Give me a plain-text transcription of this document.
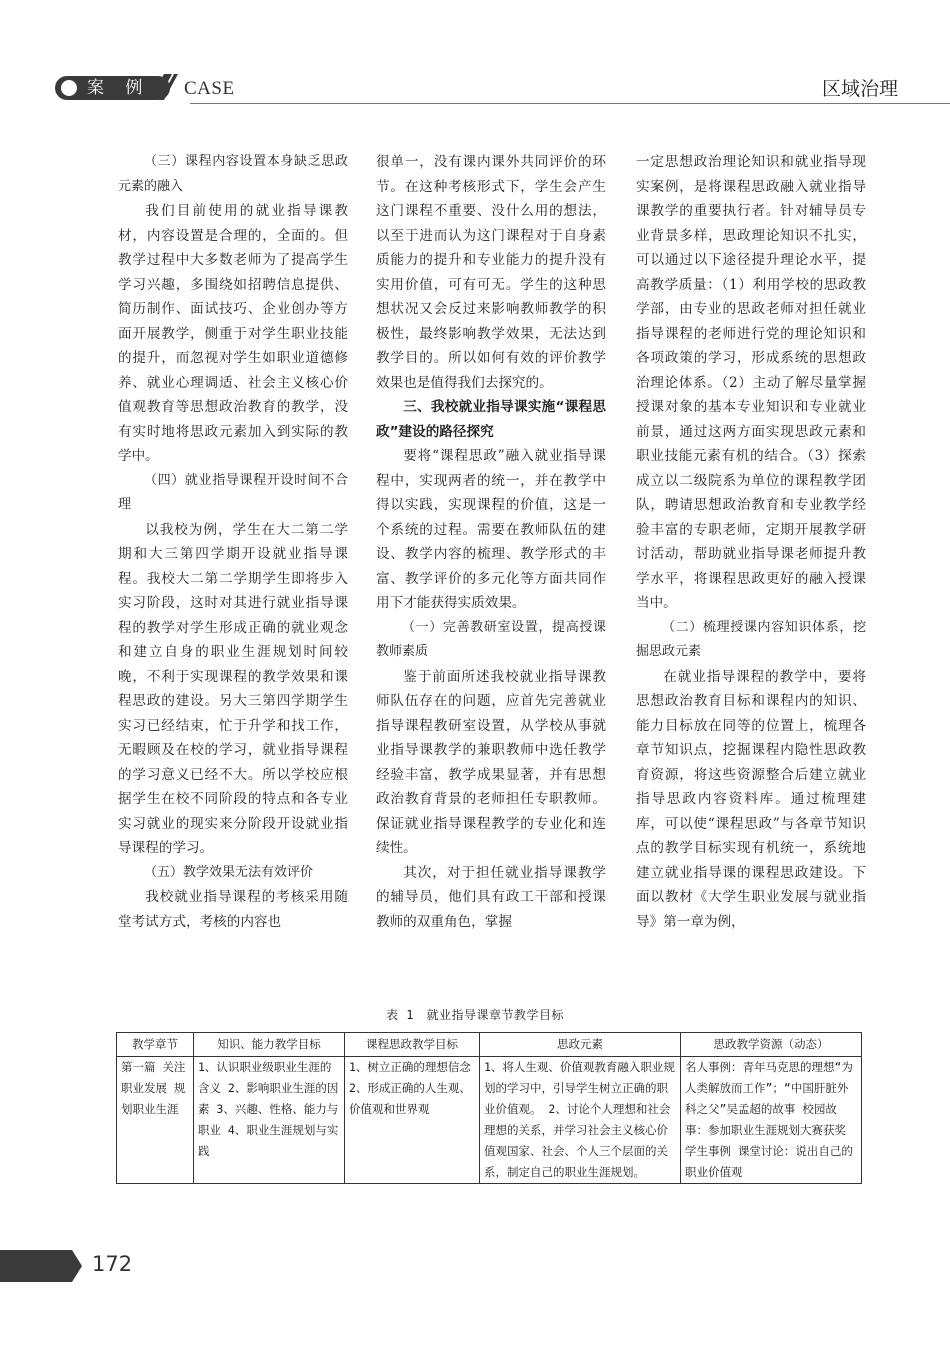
案 例 CASE	区域治理

（三）课程内容设置本身缺乏思政元素的融入

我们目前使用的就业指导课教材，内容设置是合理的，全面的。但教学过程中大多数老师为了提高学生学习兴趣，多围绕如招聘信息提供、简历制作、面试技巧、企业创办等方面开展教学，侧重于对学生职业技能的提升，而忽视对学生如职业道德修养、就业心理调适、社会主义核心价值观教育等思想政治教育的教学，没有实时地将思政元素加入到实际的教学中。

（四）就业指导课程开设时间不合理

以我校为例，学生在大二第二学期和大三第四学期开设就业指导课程。我校大二第二学期学生即将步入实习阶段，这时对其进行就业指导课程的教学对学生形成正确的就业观念和建立自身的职业生涯规划时间较晚，不利于实现课程的教学效果和课程思政的建设。另大三第四学期学生实习已经结束，忙于升学和找工作，无暇顾及在校的学习，就业指导课程的学习意义已经不大。所以学校应根据学生在校不同阶段的特点和各专业实习就业的现实来分阶段开设就业指导课程的学习。

（五）教学效果无法有效评价

我校就业指导课程的考核采用随堂考试方式，考核的内容也

很单一，没有课内课外共同评价的环节。在这种考核形式下，学生会产生这门课程不重要、没什么用的想法，以至于进而认为这门课程对于自身素质能力的提升和专业能力的提升没有实用价值，可有可无。学生的这种思想状况又会反过来影响教师教学的积极性，最终影响教学效果，无法达到教学目的。所以如何有效的评价教学效果也是值得我们去探究的。

三、我校就业指导课实施“课程思政”建设的路径探究

要将“课程思政”融入就业指导课程中，实现两者的统一，并在教学中得以实践，实现课程的价值，这是一个系统的过程。需要在教师队伍的建设、教学内容的梳理、教学形式的丰富、教学评价的多元化等方面共同作用下才能获得实质效果。

（一）完善教研室设置，提高授课教师素质

鉴于前面所述我校就业指导课教师队伍存在的问题，应首先完善就业指导课程教研室设置，从学校从事就业指导课教学的兼职教师中选任教学经验丰富，教学成果显著，并有思想政治教育背景的老师担任专职教师。保证就业指导课程教学的专业化和连续性。

其次，对于担任就业指导课教学的辅导员，他们具有政工干部和授课教师的双重角色，掌握

一定思想政治理论知识和就业指导现实案例，是将课程思政融入就业指导课教学的重要执行者。针对辅导员专业背景多样，思政理论知识不扎实，可以通过以下途径提升理论水平，提高教学质量：（1）利用学校的思政教学部，由专业的思政老师对担任就业指导课程的老师进行党的理论知识和各项政策的学习，形成系统的思想政治理论体系。（2）主动了解尽量掌握授课对象的基本专业知识和专业就业前景，通过这两方面实现思政元素和职业技能元素有机的结合。（3）探索成立以二级院系为单位的课程教学团队，聘请思想政治教育和专业教学经验丰富的专职老师，定期开展教学研讨活动，帮助就业指导课老师提升教学水平，将课程思政更好的融入授课当中。

（二）梳理授课内容知识体系，挖掘思政元素

在就业指导课程的教学中，要将思想政治教育目标和课程内的知识、能力目标放在同等的位置上，梳理各章节知识点，挖掘课程内隐性思政教育资源，将这些资源整合后建立就业指导思政内容资料库。通过梳理建库，可以使“课程思政”与各章节知识点的教学目标实现有机统一，系统地建立就业指导课的课程思政建设。下面以教材《大学生职业发展与就业指导》第一章为例，

表 1　就业指导课章节教学目标
教学章节	知识、能力教学目标	课程思政教学目标	思政元素	思政教学资源（动态）
第一篇 关注职业发展 规划职业生涯	1、认识职业级职业生涯的含义 2、影响职业生涯的因素 3、兴趣、性格、能力与职业 4、职业生涯规划与实践	1、树立正确的理想信念 2、形成正确的人生观、价值观和世界观	1、将人生观、价值观教育融入职业规划的学习中，引导学生树立正确的职业价值观。 2、讨论个人理想和社会理想的关系，并学习社会主义核心价值观国家、社会、个人三个层面的关系，制定自己的职业生涯规划。	名人事例：青年马克思的理想“为人类解放而工作”；“中国肝脏外科之父”吴孟超的故事 校园故事：参加职业生涯规划大赛获奖学生事例 课堂讨论：说出自己的职业价值观
172
